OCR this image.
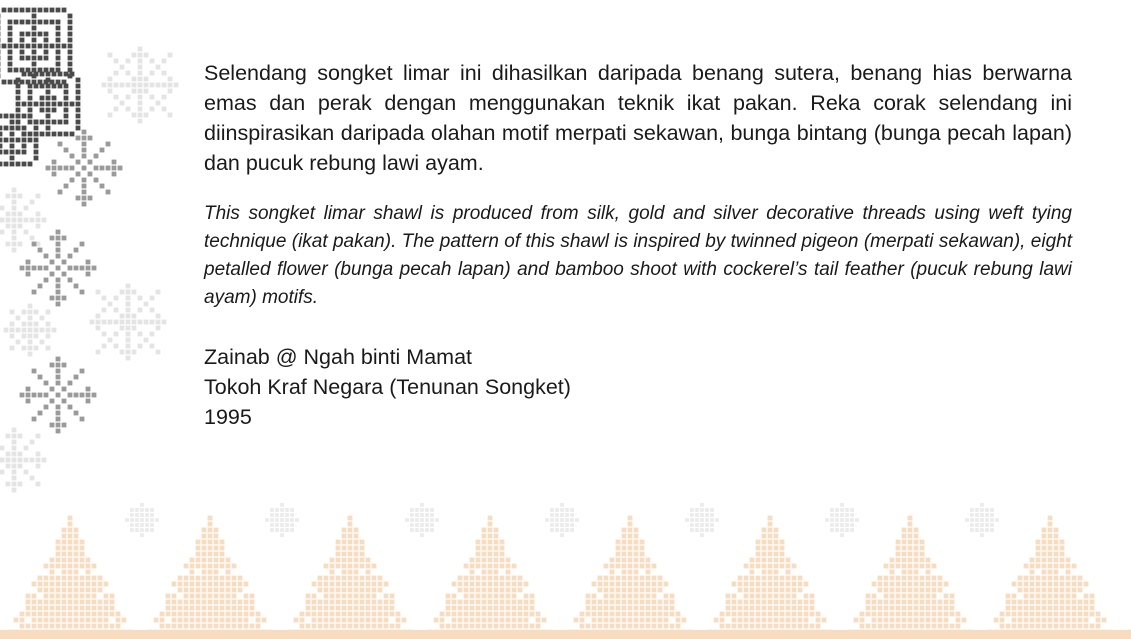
Selendang songket limar ini dihasilkan daripada benang sutera, benang hias berwarna emas dan perak dengan menggunakan teknik ikat pakan. Reka corak selendang ini diinspirasikan daripada olahan motif merpati sekawan, bunga bintang (bunga pecah lapan) dan pucuk rebung lawi ayam.

This songket limar shawl is produced from silk, gold and silver decorative threads using weft tying technique (ikat pakan). The pattern of this shawl is inspired by twinned pigeon (merpati sekawan), eight petalled flower (bunga pecah lapan) and bamboo shoot with cockerel’s tail feather (pucuk rebung lawi ayam) motifs.

Zainab @ Ngah binti Mamat
Tokoh Kraf Negara (Tenunan Songket)
1995
